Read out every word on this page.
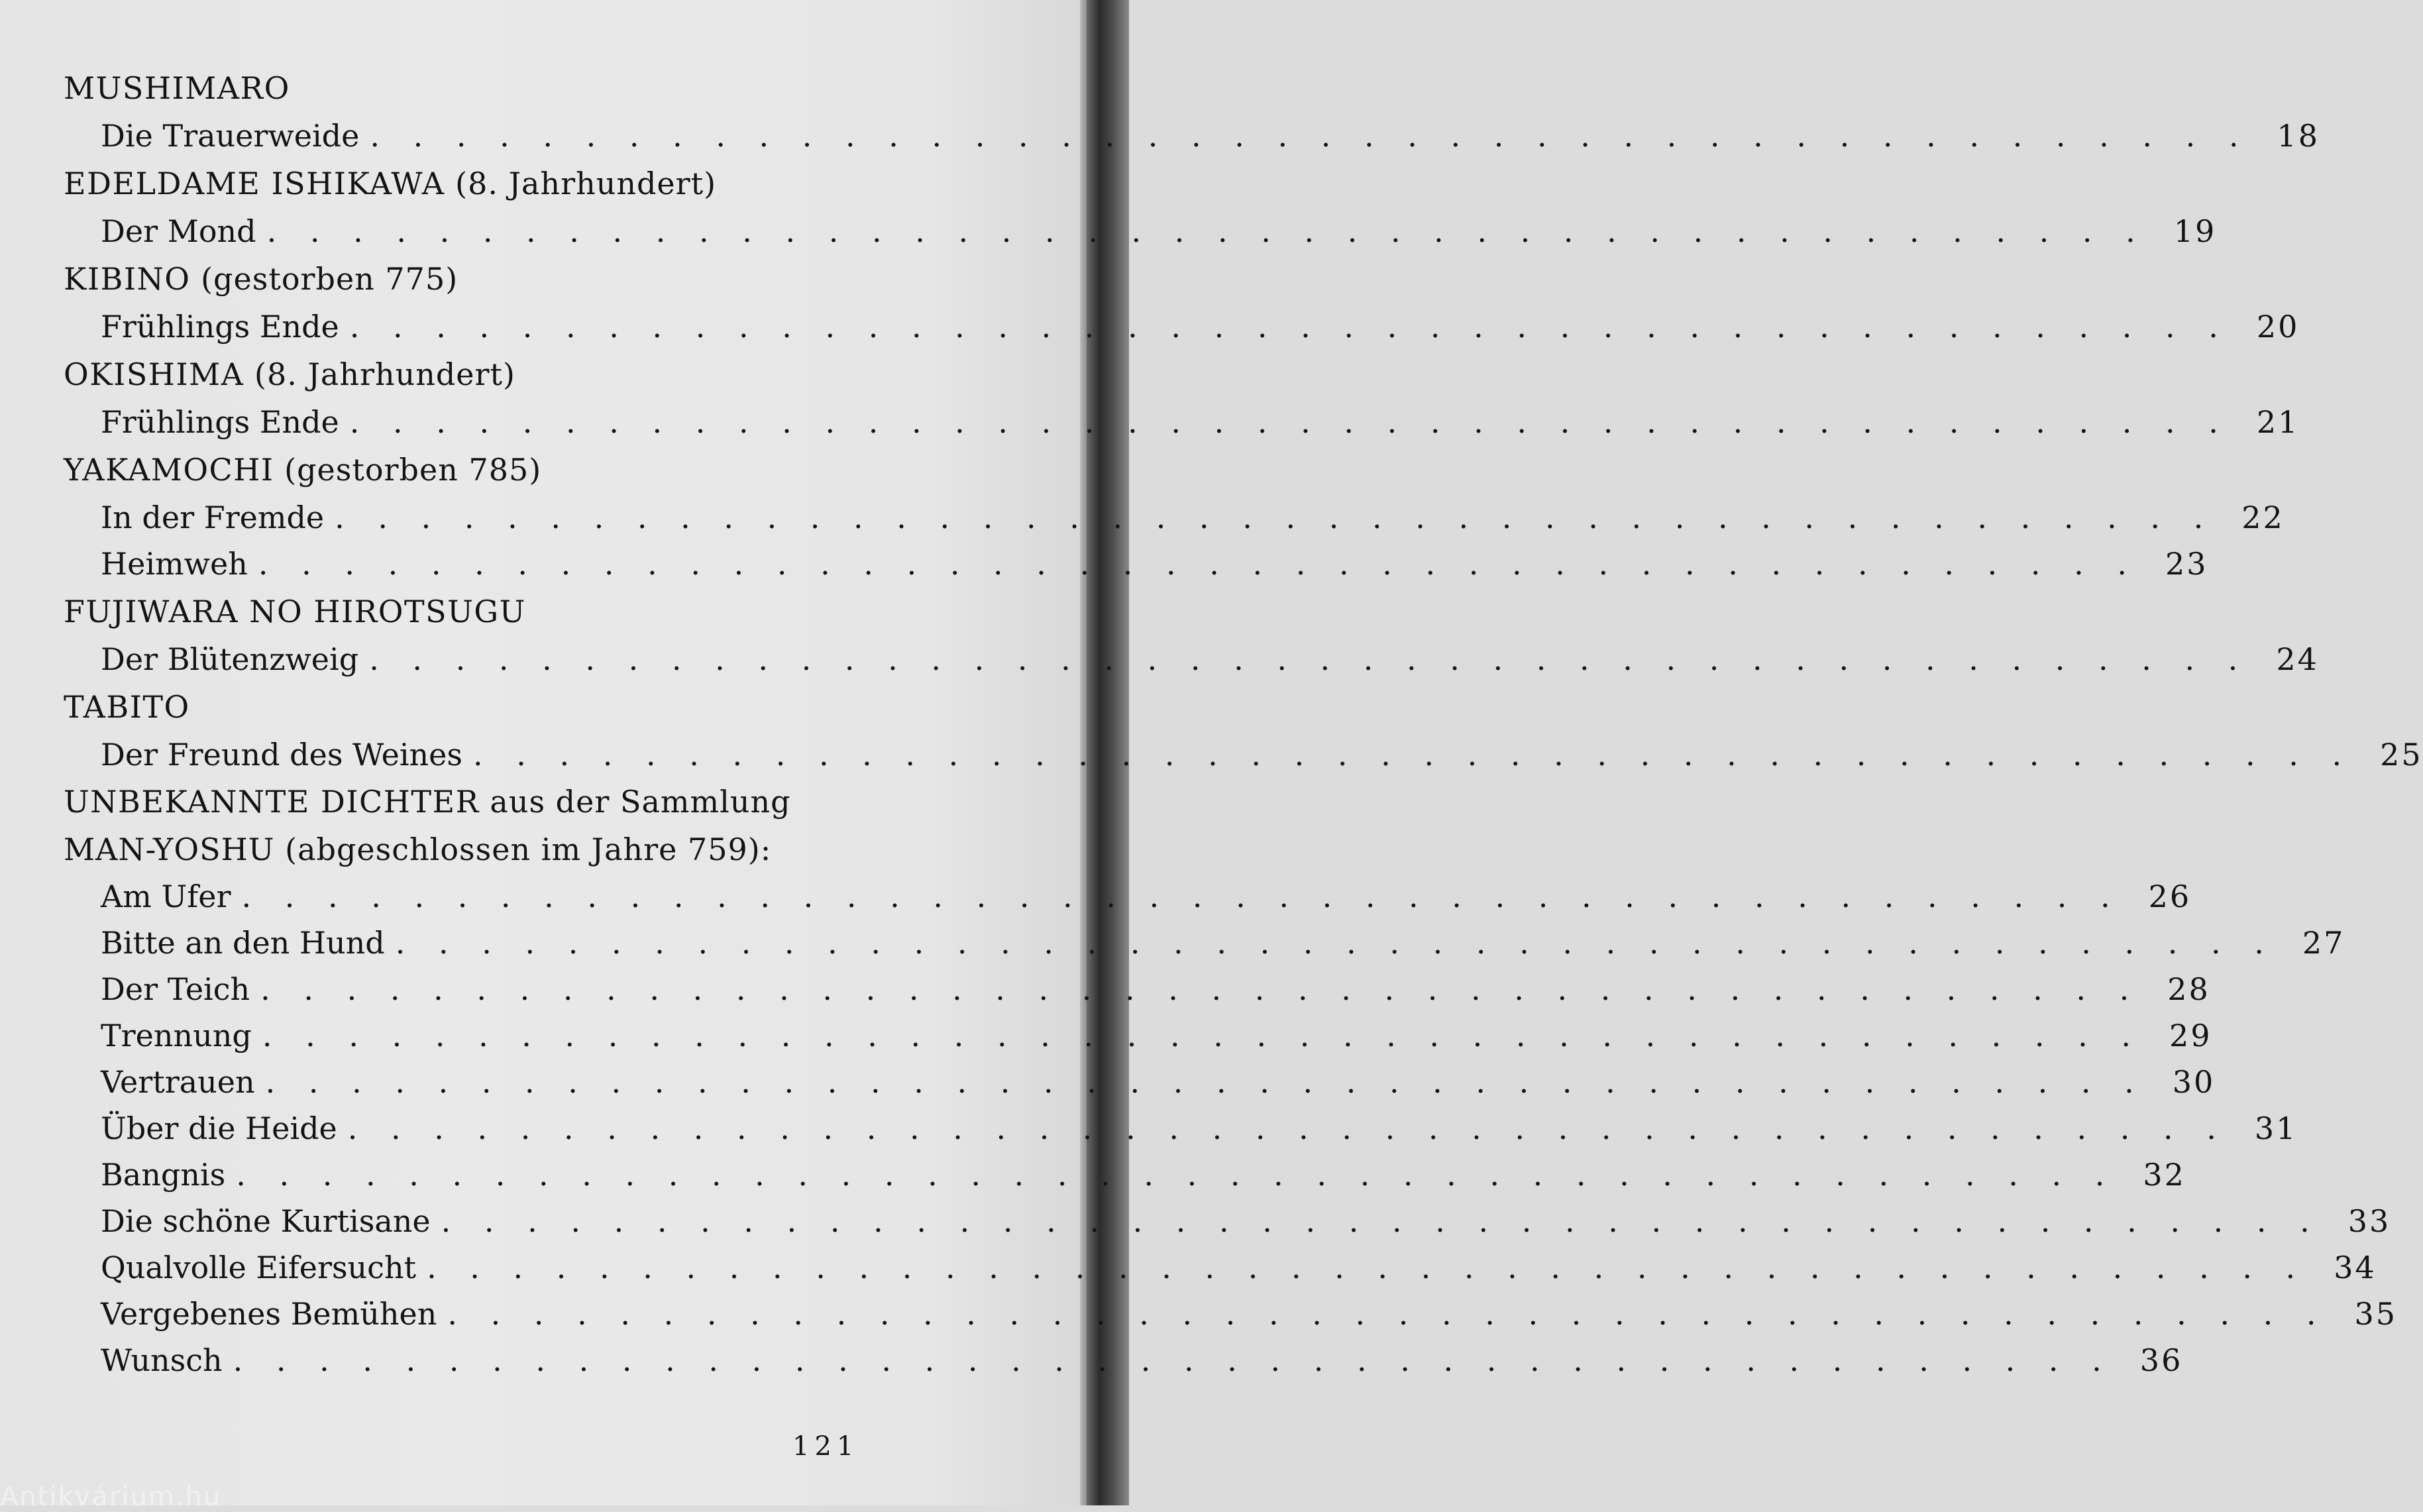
MUSHIMARO
Die Trauerweide . . . . . . . . . . . . . . . . . . . . . . . . . . . . . . . . . . . . . . . . . . . . 18
EDELDAME ISHIKAWA (8. Jahrhundert)
Der Mond . . . . . . . . . . . . . . . . . . . . . . . . . . . . . . . . . . . . . . . . . . . . 19
KIBINO (gestorben 775)
Frühlings Ende . . . . . . . . . . . . . . . . . . . . . . . . . . . . . . . . . . . . . . . . . . . . 20
OKISHIMA (8. Jahrhundert)
Frühlings Ende . . . . . . . . . . . . . . . . . . . . . . . . . . . . . . . . . . . . . . . . . . . . 21
YAKAMOCHI (gestorben 785)
In der Fremde . . . . . . . . . . . . . . . . . . . . . . . . . . . . . . . . . . . . . . . . . . . . 22
Heimweh . . . . . . . . . . . . . . . . . . . . . . . . . . . . . . . . . . . . . . . . . . . . 23
FUJIWARA NO HIROTSUGU
Der Blütenzweig . . . . . . . . . . . . . . . . . . . . . . . . . . . . . . . . . . . . . . . . . . . . 24
TABITO
Der Freund des Weines . . . . . . . . . . . . . . . . . . . . . . . . . . . . . . . . . . . . . . . . . . . . 25
UNBEKANNTE DICHTER aus der Sammlung MAN-YOSHU (abgeschlossen im Jahre 759):
Am Ufer . . . . . . . . . . . . . . . . . . . . . . . . . . . . . . . . . . . . . . . . . . . . 26
Bitte an den Hund . . . . . . . . . . . . . . . . . . . . . . . . . . . . . . . . . . . . . . . . . . . . 27
Der Teich . . . . . . . . . . . . . . . . . . . . . . . . . . . . . . . . . . . . . . . . . . . . 28
Trennung . . . . . . . . . . . . . . . . . . . . . . . . . . . . . . . . . . . . . . . . . . . . 29
Vertrauen . . . . . . . . . . . . . . . . . . . . . . . . . . . . . . . . . . . . . . . . . . . . 30
Über die Heide . . . . . . . . . . . . . . . . . . . . . . . . . . . . . . . . . . . . . . . . . . . . 31
Bangnis . . . . . . . . . . . . . . . . . . . . . . . . . . . . . . . . . . . . . . . . . . . . 32
Die schöne Kurtisane . . . . . . . . . . . . . . . . . . . . . . . . . . . . . . . . . . . . . . . . . . . . 33
Qualvolle Eifersucht . . . . . . . . . . . . . . . . . . . . . . . . . . . . . . . . . . . . . . . . . . . . 34
Vergebenes Bemühen . . . . . . . . . . . . . . . . . . . . . . . . . . . . . . . . . . . . . . . . . . . . 35
Wunsch . . . . . . . . . . . . . . . . . . . . . . . . . . . . . . . . . . . . . . . . . . . . 36
121
Antikvárium.hu
